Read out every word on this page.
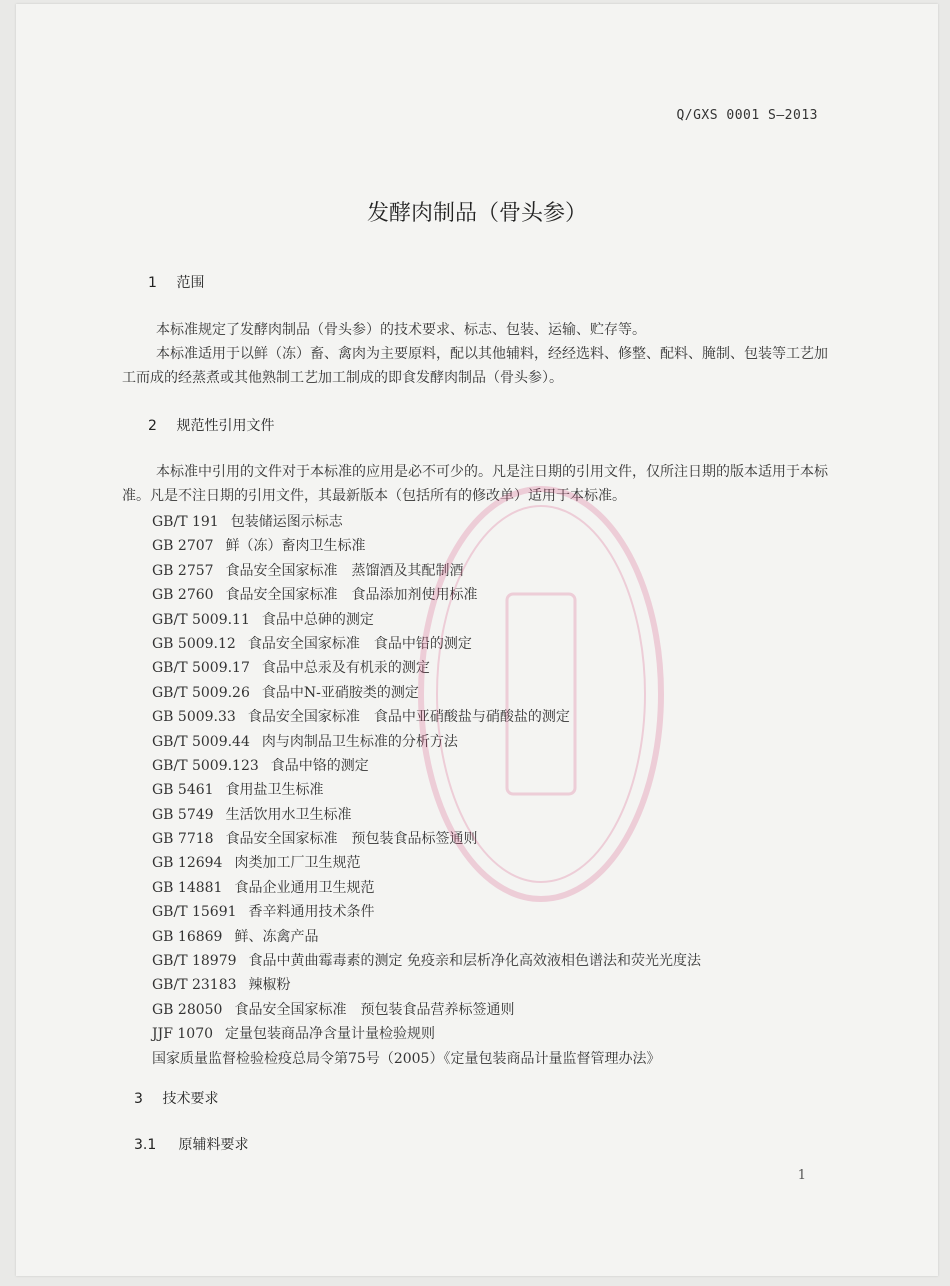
Q/GXS 0001 S—2013
发酵肉制品（骨头参）
1 范围

本标准规定了发酵肉制品（骨头参）的技术要求、标志、包装、运输、贮存等。

本标准适用于以鲜（冻）畜、禽肉为主要原料，配以其他辅料，经经选料、修整、配料、腌制、包装等工艺加工而成的经蒸煮或其他熟制工艺加工制成的即食发酵肉制品（骨头参）。

2 规范性引用文件

本标准中引用的文件对于本标准的应用是必不可少的。凡是注日期的引用文件，仅所注日期的版本适用于本标准。凡是不注日期的引用文件，其最新版本（包括所有的修改单）适用于本标准。

GB/T 191 包装储运图示标志
GB 2707 鲜（冻）畜肉卫生标准
GB 2757 食品安全国家标准　蒸馏酒及其配制酒
GB 2760 食品安全国家标准　食品添加剂使用标准
GB/T 5009.11 食品中总砷的测定
GB 5009.12 食品安全国家标准　食品中铅的测定
GB/T 5009.17 食品中总汞及有机汞的测定
GB/T 5009.26 食品中N-亚硝胺类的测定
GB 5009.33 食品安全国家标准　食品中亚硝酸盐与硝酸盐的测定
GB/T 5009.44 肉与肉制品卫生标准的分析方法
GB/T 5009.123 食品中铬的测定
GB 5461 食用盐卫生标准
GB 5749 生活饮用水卫生标准
GB 7718 食品安全国家标准　预包装食品标签通则
GB 12694 肉类加工厂卫生规范
GB 14881 食品企业通用卫生规范
GB/T 15691 香辛料通用技术条件
GB 16869 鲜、冻禽产品
GB/T 18979 食品中黄曲霉毒素的测定 免疫亲和层析净化高效液相色谱法和荧光光度法
GB/T 23183 辣椒粉
GB 28050 食品安全国家标准　预包装食品营养标签通则
JJF 1070 定量包装商品净含量计量检验规则
国家质量监督检验检疫总局令第75号（2005）《定量包装商品计量监督管理办法》
3 技术要求
3.1 原辅料要求
1
